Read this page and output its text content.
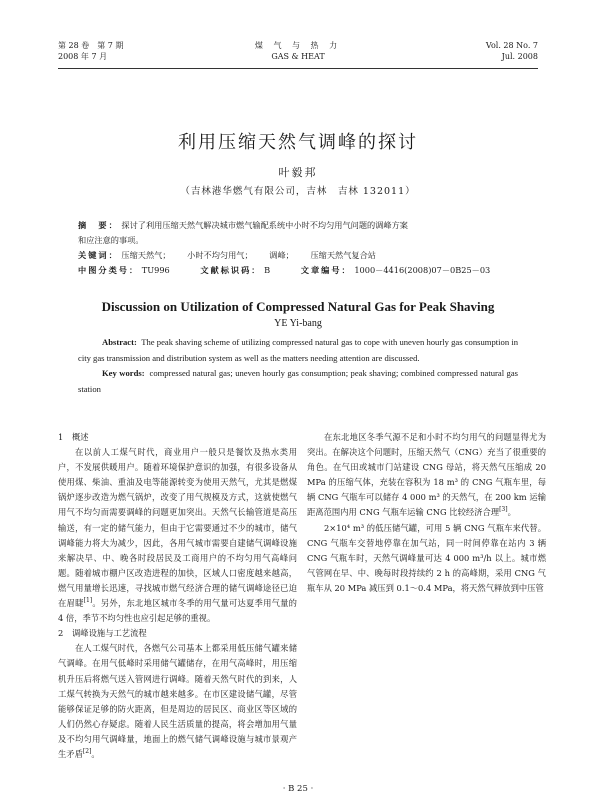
第 28 卷　第 7 期
2008 年 7 月
煤 气 与 热 力
GAS & HEAT
Vol. 28 No. 7
Jul. 2008
利用压缩天然气调峰的探讨
叶毅邦
（吉林港华燃气有限公司，吉林　吉林 132011）
摘　要： 探讨了利用压缩天然气解决城市燃气输配系统中小时不均匀用气问题的调峰方案
和应注意的事项。
关键词： 压缩天然气； 小时不均匀用气； 调峰； 压缩天然气复合站
中图分类号： TU996	文献标识码： B	文章编号： 1000－4416(2008)07－0B25－03
Discussion on Utilization of Compressed Natural Gas for Peak Shaving
YE Yi-bang

Abstract: The peak shaving scheme of utilizing compressed natural gas to cope with uneven hourly gas consumption in city gas transmission and distribution system as well as the matters needing attention are discussed.

Key words: compressed natural gas; uneven hourly gas consumption; peak shaving; combined compressed natural gas station

1 概述

在以前人工煤气时代，商业用户一般只是餐饮及热水类用户，不发展供暖用户。随着环境保护意识的加强，有很多设备从使用煤、柴油、重油及电等能源转变为使用天然气，尤其是燃煤锅炉逐步改造为燃气锅炉，改变了用气规模及方式，这就使燃气用气不均匀而需要调峰的问题更加突出。天然气长输管道是高压输送，有一定的储气能力，但由于它需要通过不少的城市，储气调峰能力将大为减少，因此，各用气城市需要自建储气调峰设施来解决早、中、晚各时段居民及工商用户的不均匀用气高峰问题。随着城市棚户区改造进程的加快，区域人口密度越来越高，燃气用量增长迅速，寻找城市燃气经济合理的储气调峰途径已迫在眉睫[1]。另外，东北地区城市冬季的用气量可达夏季用气量的 4 倍，季节不均匀性也应引起足够的重视。

2 调峰设施与工艺流程

在人工煤气时代，各燃气公司基本上都采用低压储气罐来储气调峰。在用气低峰时采用储气罐储存，在用气高峰时，用压缩机升压后将燃气送入管网进行调峰。随着天然气时代的到来，人工煤气转换为天然气的城市越来越多。在市区建设储气罐，尽管能够保证足够的防火距离，但是周边的居民区、商业区等区域的人们仍然心存疑虑。随着人民生活质量的提高，将会增加用气量及不均匀用气调峰量，地面上的燃气储气调峰设施与城市景观产生矛盾[2]。

在东北地区冬季气源不足和小时不均匀用气的问题显得尤为突出。在解决这个问题时，压缩天然气（CNG）充当了很重要的角色。在气田或城市门站建设 CNG 母站，将天然气压缩成 20 MPa 的压缩气体，充装在容积为 18 m³ 的 CNG 气瓶车里，每辆 CNG 气瓶车可以储存 4 000 m³ 的天然气，在 200 km 运输距离范围内用 CNG 气瓶车运输 CNG 比较经济合理[3]。

2×10⁴ m³ 的低压储气罐，可用 5 辆 CNG 气瓶车来代替。CNG 气瓶车交替地停靠在加气站，同一时间停靠在站内 3 辆 CNG 气瓶车时，天然气调峰量可达 4 000 m³/h 以上。城市燃气管网在早、中、晚每时段持续约 2 h 的高峰期，采用 CNG 气瓶车从 20 MPa 减压到 0.1～0.4 MPa，将天然气释放到中压管

· B 25 ·
